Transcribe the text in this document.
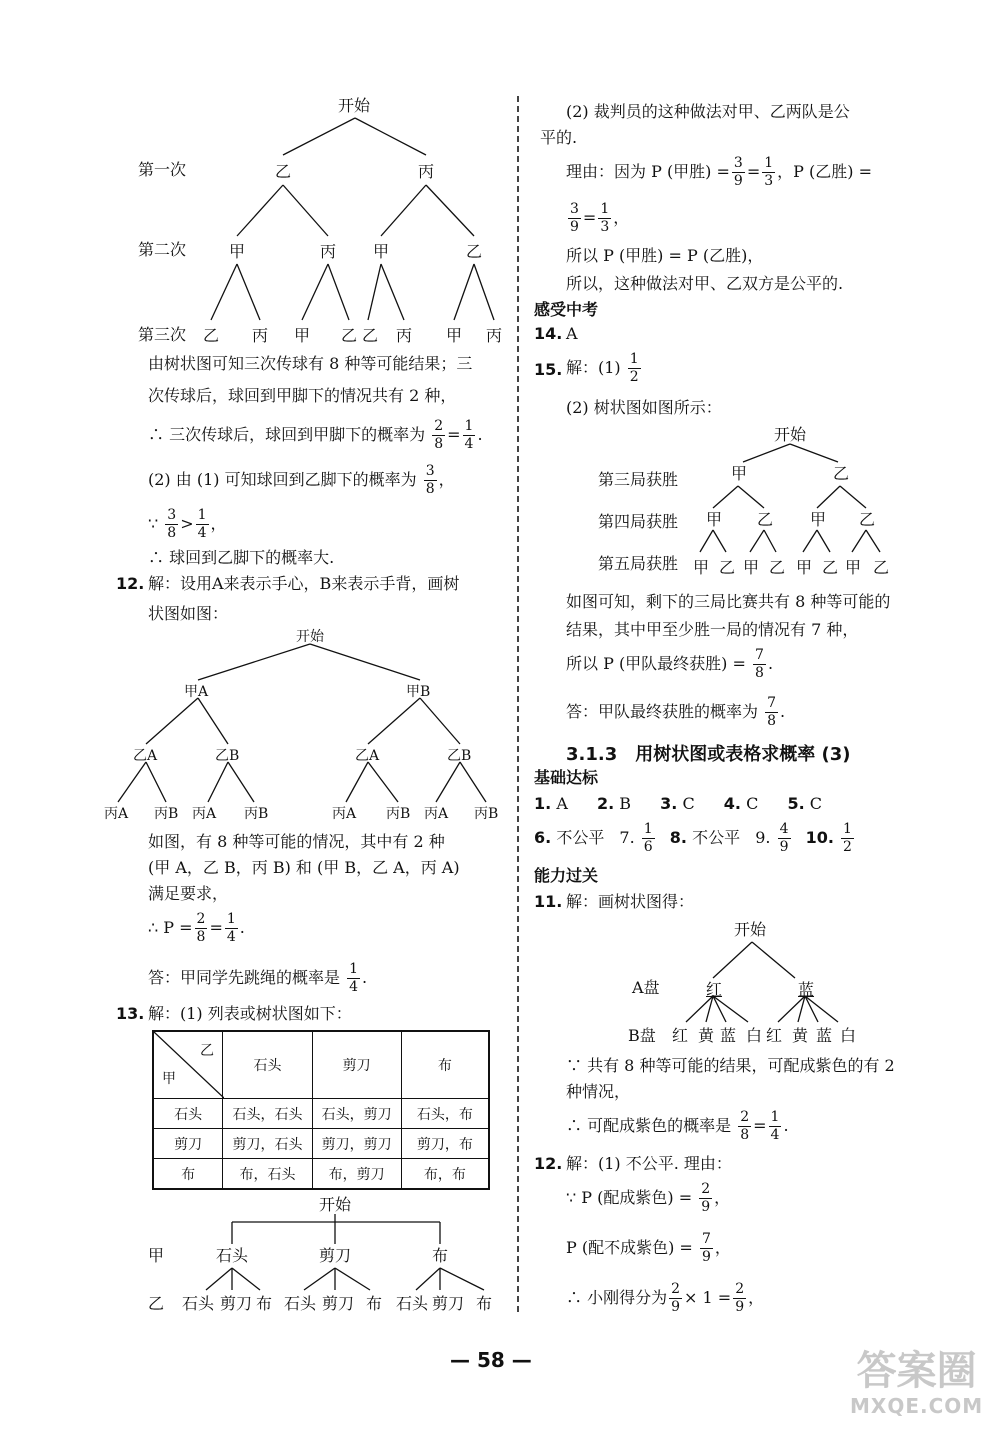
开始
第一次
第二次
第三次
乙	丙
甲	丙 甲	乙
乙 丙 甲 乙 乙 丙 甲 丙
由树状图可知三次传球有 8 种等可能结果；三
次传球后，球回到甲脚下的情况共有 2 种，
∴ 三次传球后，球回到甲脚下的概率为 $\frac{2}{8} = \frac{1}{4}$ .
(2) 由 (1) 可知球回到乙脚下的概率为 $\frac{3}{8}$ ，
∵ $\frac{3}{8} > \frac{1}{4}$ ，
∴ 球回到乙脚下的概率大.
12. 解：设用A来表示手心，B来表示手背，画树
状图如图：
开始
甲A	甲B
乙A	乙B	乙A	乙B
丙A 丙B 丙A 丙B	丙A 丙B 丙A 丙B
如图，有 8 种等可能的情况，其中有 2 种
(甲 A，乙 B，丙 B) 和 (甲 B，乙 A，丙 A)
满足要求，
∴ $P = \frac{2}{8} = \frac{1}{4}$ .
答：甲同学先跳绳的概率是 $\frac{1}{4}$ .
13. 解：(1) 列表或树状图如下：
乙
甲	石头	剪刀	布
石头	石头，石头	石头，剪刀	石头，布
剪刀	剪刀，石头	剪刀，剪刀	剪刀，布
布	布，石头	布，剪刀	布，布
开始
甲
乙
石头	剪刀	布
石头 剪刀 布 石头 剪刀 布 石头 剪刀 布
(2) 裁判员的这种做法对甲、乙两队是公
平的.
理由：因为 P (甲胜) = $\frac{3}{9} = \frac{1}{3}$ ，P (乙胜) =
$\frac{3}{9} = \frac{1}{3}$ ，
所以 P (甲胜) = P (乙胜)，
所以，这种做法对甲、乙双方是公平的.
感受中考
14. A
15. 解：$(1) \frac{1}{2}$
(2) 树状图如图所示：
开始
第三局获胜
第四局获胜
第五局获胜
甲	乙
甲 乙 甲 乙
甲 乙 甲 乙 甲 乙 甲 乙
如图可知，剩下的三局比赛共有 8 种等可能的
结果，其中甲至少胜一局的情况有 7 种，
所以 P (甲队最终获胜) = $\frac{7}{8}$ .
答：甲队最终获胜的概率为 $\frac{7}{8}$ .
3.1.3　用树状图或表格求概率 (3)
基础达标
1. A 2. B 3. C 4. C 5. C
6. 不公平 7. $\frac{1}{6} 8$. 不公平 9. $\frac{4}{9} 10$. $\frac{1}{2}$
能力过关
11. 解：画树状图得：
开始
A盘
B盘
红	蓝
红 黄 蓝 白 红 黄 蓝 白
∵ 共有 8 种等可能的结果，可配成紫色的有 2
种情况，
∴ 可配成紫色的概率是 $\frac{2}{8} = \frac{1}{4}$ .
12. 解：(1) 不公平. 理由：
∵ P (配成紫色) = $\frac{2}{9}$ ，
P (配不成紫色) = $\frac{7}{9}$ ，
∴ 小刚得分为 $\frac{2}{9} \times 1 = \frac{2}{9}$ ，
— 58 —	答案圈
MXQE.COM
